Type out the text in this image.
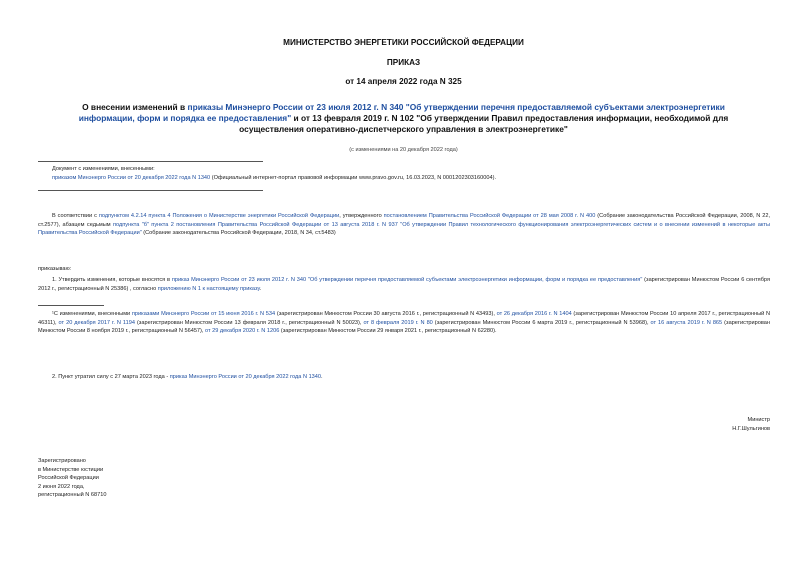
МИНИСТЕРСТВО ЭНЕРГЕТИКИ РОССИЙСКОЙ ФЕДЕРАЦИИ
ПРИКАЗ
от 14 апреля 2022 года N 325
О внесении изменений в приказы Минэнерго России от 23 июля 2012 г. N 340 "Об утверждении перечня предоставляемой субъектами электроэнергетики информации, форм и порядка ее предоставления" и от 13 февраля 2019 г. N 102 "Об утверждении Правил предоставления информации, необходимой для осуществления оперативно-диспетчерского управления в электроэнергетике"
(с изменениями на 20 декабря 2022 года)
Документ с изменениями, внесенными:
приказом Минэнерго России от 20 декабря 2022 года N 1340 (Официальный интернет-портал правовой информации www.pravo.gov.ru, 16.03.2023, N 0001202303160004).
В соответствии с подпунктом 4.2.14 пункта 4 Положения о Министерстве энергетики Российской Федерации, утвержденного постановлением Правительства Российской Федерации от 28 мая 2008 г. N 400 (Собрание законодательства Российской Федерации, 2008, N 22, ст.2577), абзацем седьмым подпункта "б" пункта 2 постановления Правительства Российской Федерации от 13 августа 2018 г. N 937 "Об утверждении Правил технологического функционирования электроэнергетических систем и о внесении изменений в некоторые акты Правительства Российской Федерации" (Собрание законодательства Российской Федерации, 2018, N 34, ст.5483)
приказываю:
1. Утвердить изменения, которые вносятся в приказ Минэнерго России от 23 июля 2012 г. N 340 "Об утверждении перечня предоставляемой субъектами электроэнергетики информации, форм и порядка ее предоставления" (зарегистрирован Минюстом России 6 сентября 2012 г., регистрационный N 25386) , согласно приложению N 1 к настоящему приказу.
¹С изменениями, внесенными приказами Минэнерго России от 15 июня 2016 г. N 534 (зарегистрирован Минюстом России 30 августа 2016 г., регистрационный N 43493), от 26 декабря 2016 г. N 1404 (зарегистрирован Минюстом России 10 апреля 2017 г., регистрационный N 46311), от 20 декабря 2017 г. N 1194 (зарегистрирован Минюстом России 13 февраля 2018 г., регистрационный N 50023), от 8 февраля 2019 г. N 80 (зарегистрирован Минюстом России 6 марта 2019 г., регистрационный N 53968), от 16 августа 2019 г. N 865 (зарегистрирован Минюстом России 8 ноября 2019 г., регистрационный N 56457), от 29 декабря 2020 г. N 1206 (зарегистрирован Минюстом России 29 января 2021 г., регистрационный N 62280).
2. Пункт утратил силу с 27 марта 2023 года - приказ Минэнерго России от 20 декабря 2022 года N 1340.
Министр
Н.Г.Шульгинов
Зарегистрировано
в Министерстве юстиции
Российской Федерации
2 июня 2022 года,
регистрационный N 68710
